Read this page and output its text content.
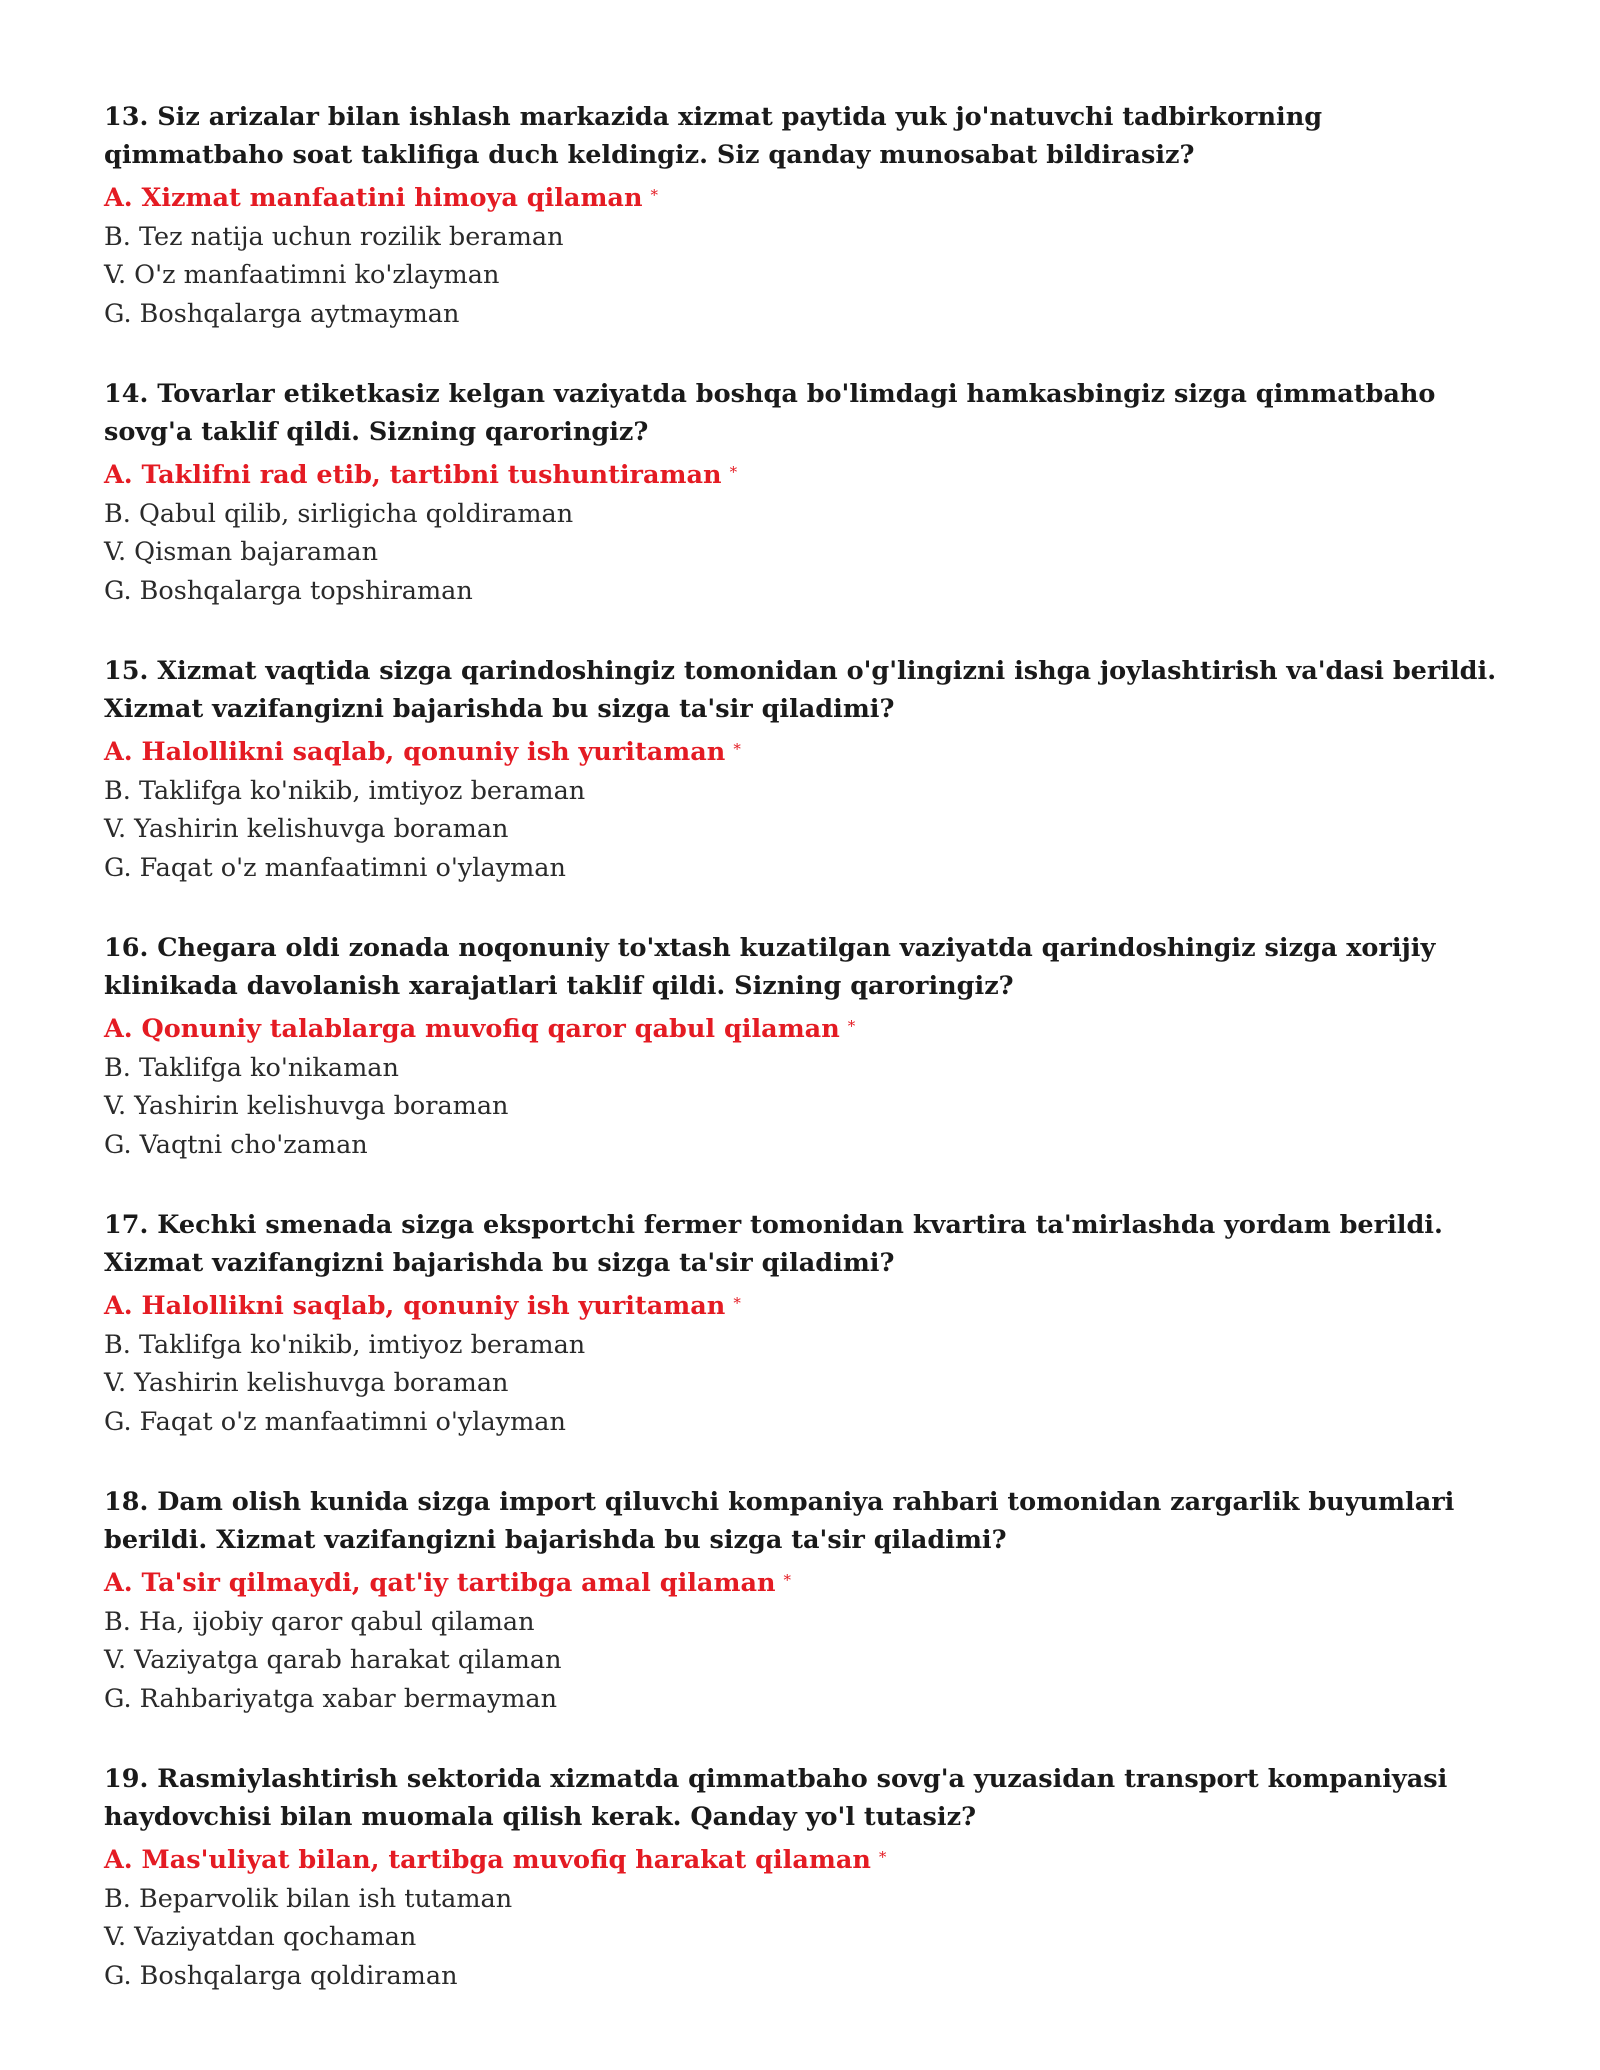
13. Siz arizalar bilan ishlash markazida xizmat paytida yuk jo'natuvchi tadbirkorning qimmatbaho soat taklifiga duch keldingiz. Siz qanday munosabat bildirasiz?
A. Xizmat manfaatini himoya qilaman *
B. Tez natija uchun rozilik beraman
V. O'z manfaatimni ko'zlayman
G. Boshqalarga aytmayman
14. Tovarlar etiketkasiz kelgan vaziyatda boshqa bo'limdagi hamkasbingiz sizga qimmatbaho sovg'a taklif qildi. Sizning qaroringiz?
A. Taklifni rad etib, tartibni tushuntiraman *
B. Qabul qilib, sirligicha qoldiraman
V. Qisman bajaraman
G. Boshqalarga topshiraman
15. Xizmat vaqtida sizga qarindoshingiz tomonidan o'g'lingizni ishga joylashtirish va'dasi berildi. Xizmat vazifangizni bajarishda bu sizga ta'sir qiladimi?
A. Halollikni saqlab, qonuniy ish yuritaman *
B. Taklifga ko'nikib, imtiyoz beraman
V. Yashirin kelishuvga boraman
G. Faqat o'z manfaatimni o'ylayman
16. Chegara oldi zonada noqonuniy to'xtash kuzatilgan vaziyatda qarindoshingiz sizga xorijiy klinikada davolanish xarajatlari taklif qildi. Sizning qaroringiz?
A. Qonuniy talablarga muvofiq qaror qabul qilaman *
B. Taklifga ko'nikaman
V. Yashirin kelishuvga boraman
G. Vaqtni cho'zaman
17. Kechki smenada sizga eksportchi fermer tomonidan kvartira ta'mirlashda yordam berildi. Xizmat vazifangizni bajarishda bu sizga ta'sir qiladimi?
A. Halollikni saqlab, qonuniy ish yuritaman *
B. Taklifga ko'nikib, imtiyoz beraman
V. Yashirin kelishuvga boraman
G. Faqat o'z manfaatimni o'ylayman
18. Dam olish kunida sizga import qiluvchi kompaniya rahbari tomonidan zargarlik buyumlari berildi. Xizmat vazifangizni bajarishda bu sizga ta'sir qiladimi?
A. Ta'sir qilmaydi, qat'iy tartibga amal qilaman *
B. Ha, ijobiy qaror qabul qilaman
V. Vaziyatga qarab harakat qilaman
G. Rahbariyatga xabar bermayman
19. Rasmiylashtirish sektorida xizmatda qimmatbaho sovg'a yuzasidan transport kompaniyasi haydovchisi bilan muomala qilish kerak. Qanday yo'l tutasiz?
A. Mas'uliyat bilan, tartibga muvofiq harakat qilaman *
B. Beparvolik bilan ish tutaman
V. Vaziyatdan qochaman
G. Boshqalarga qoldiraman
